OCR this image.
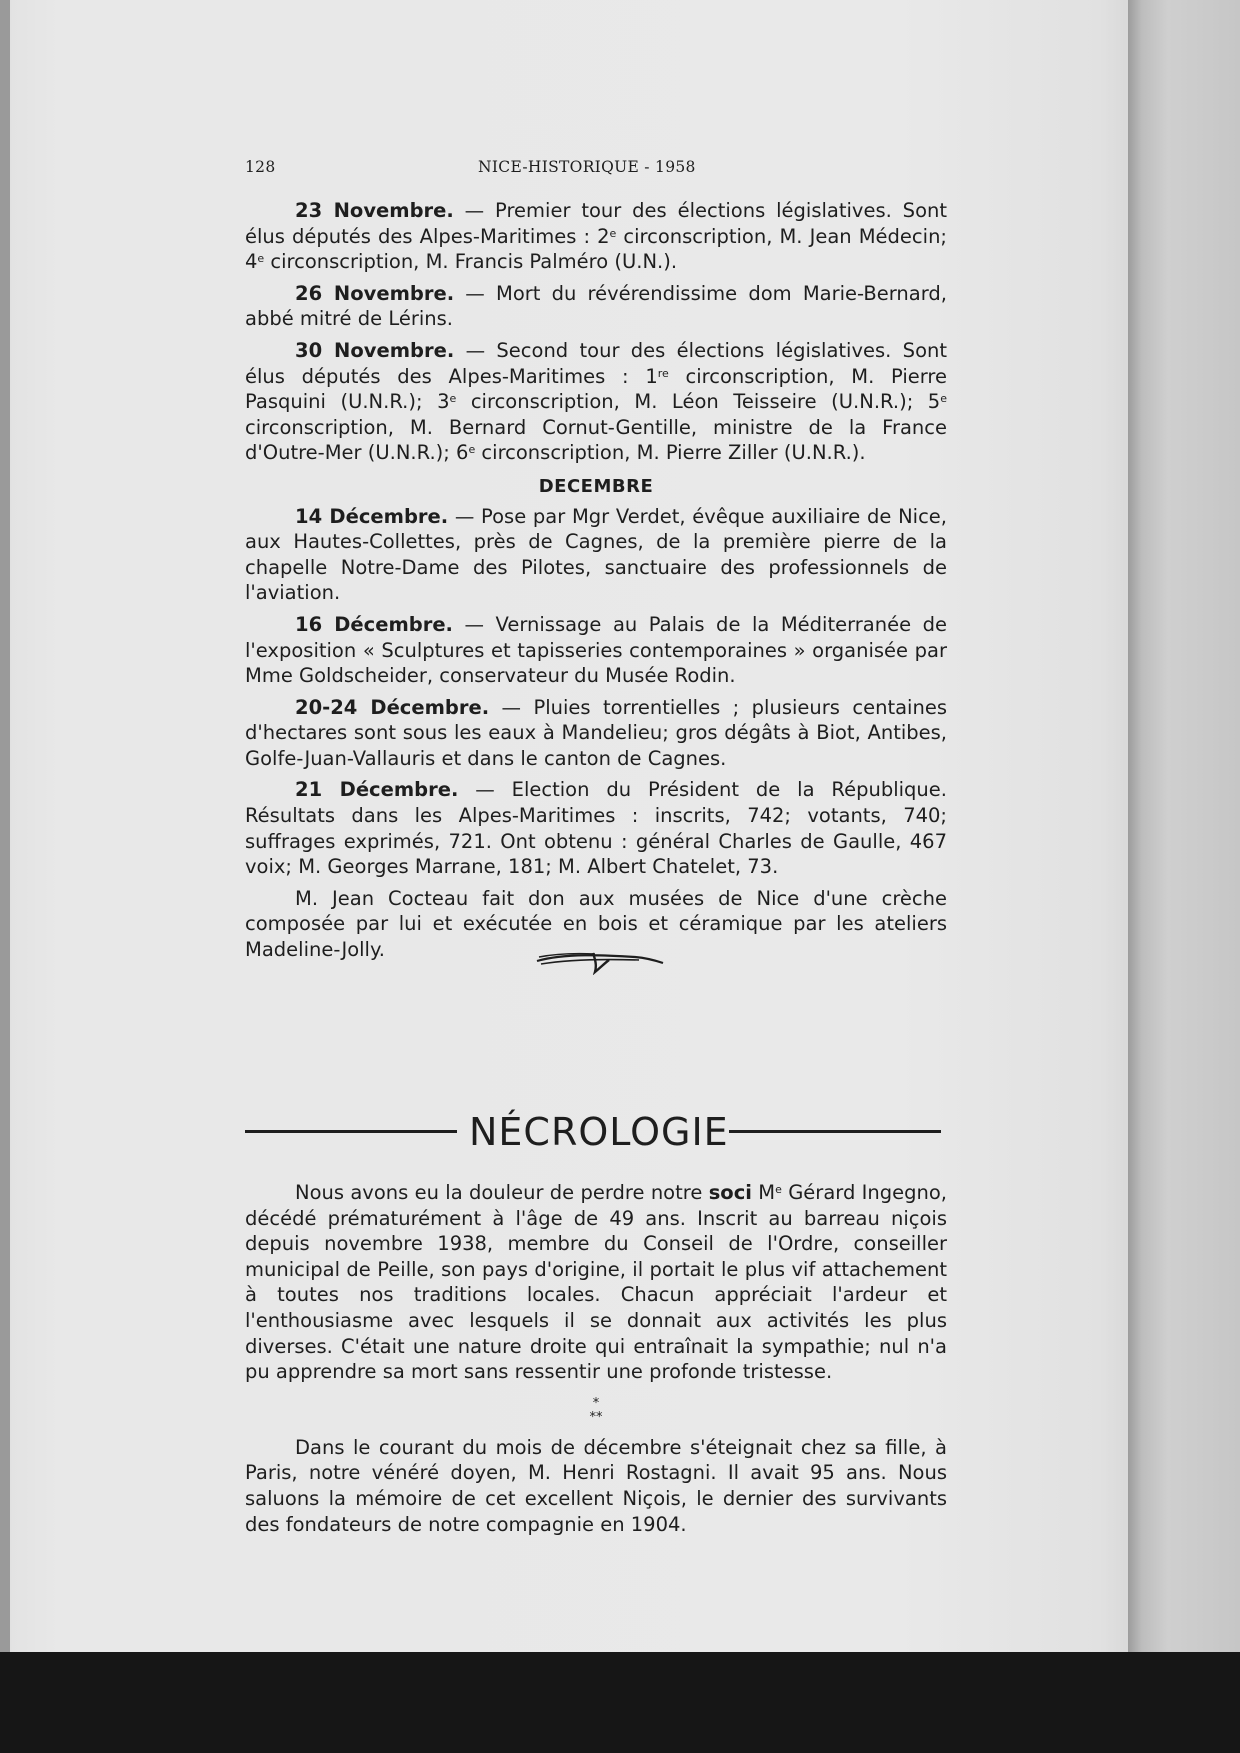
128	NICE-HISTORIQUE - 1958

23 Novembre. — Premier tour des élections législatives. Sont élus députés des Alpes-Maritimes : 2e circonscription, M. Jean Médecin; 4e circonscription, M. Francis Palméro (U.N.).

26 Novembre. — Mort du révérendissime dom Marie-Bernard, abbé mitré de Lérins.

30 Novembre. — Second tour des élections législatives. Sont élus députés des Alpes-Maritimes : 1re circonscription, M. Pierre Pasquini (U.N.R.); 3e circonscription, M. Léon Teisseire (U.N.R.); 5e circonscription, M. Bernard Cornut-Gentille, ministre de la France d'Outre-Mer (U.N.R.); 6e circonscription, M. Pierre Ziller (U.N.R.).

DECEMBRE

14 Décembre. — Pose par Mgr Verdet, évêque auxiliaire de Nice, aux Hautes-Collettes, près de Cagnes, de la première pierre de la chapelle Notre-Dame des Pilotes, sanctuaire des professionnels de l'aviation.

16 Décembre. — Vernissage au Palais de la Méditerranée de l'exposition « Sculptures et tapisseries contemporaines » organisée par Mme Goldscheider, conservateur du Musée Rodin.

20-24 Décembre. — Pluies torrentielles ; plusieurs centaines d'hectares sont sous les eaux à Mandelieu; gros dégâts à Biot, Antibes, Golfe-Juan-Vallauris et dans le canton de Cagnes.

21 Décembre. — Election du Président de la République. Résultats dans les Alpes-Maritimes : inscrits, 742; votants, 740; suffrages exprimés, 721. Ont obtenu : général Charles de Gaulle, 467 voix; M. Georges Marrane, 181; M. Albert Chatelet, 73.

M. Jean Cocteau fait don aux musées de Nice d'une crèche composée par lui et exécutée en bois et céramique par les ateliers Madeline-Jolly.

NÉCROLOGIE

Nous avons eu la douleur de perdre notre soci Me Gérard Ingegno, décédé prématurément à l'âge de 49 ans. Inscrit au barreau niçois depuis novembre 1938, membre du Conseil de l'Ordre, conseiller municipal de Peille, son pays d'origine, il portait le plus vif attachement à toutes nos traditions locales. Chacun appréciait l'ardeur et l'enthousiasme avec lesquels il se donnait aux activités les plus diverses. C'était une nature droite qui entraînait la sympathie; nul n'a pu apprendre sa mort sans ressentir une profonde tristesse.

*
**

Dans le courant du mois de décembre s'éteignait chez sa fille, à Paris, notre vénéré doyen, M. Henri Rostagni. Il avait 95 ans. Nous saluons la mémoire de cet excellent Niçois, le dernier des survivants des fondateurs de notre compagnie en 1904.
